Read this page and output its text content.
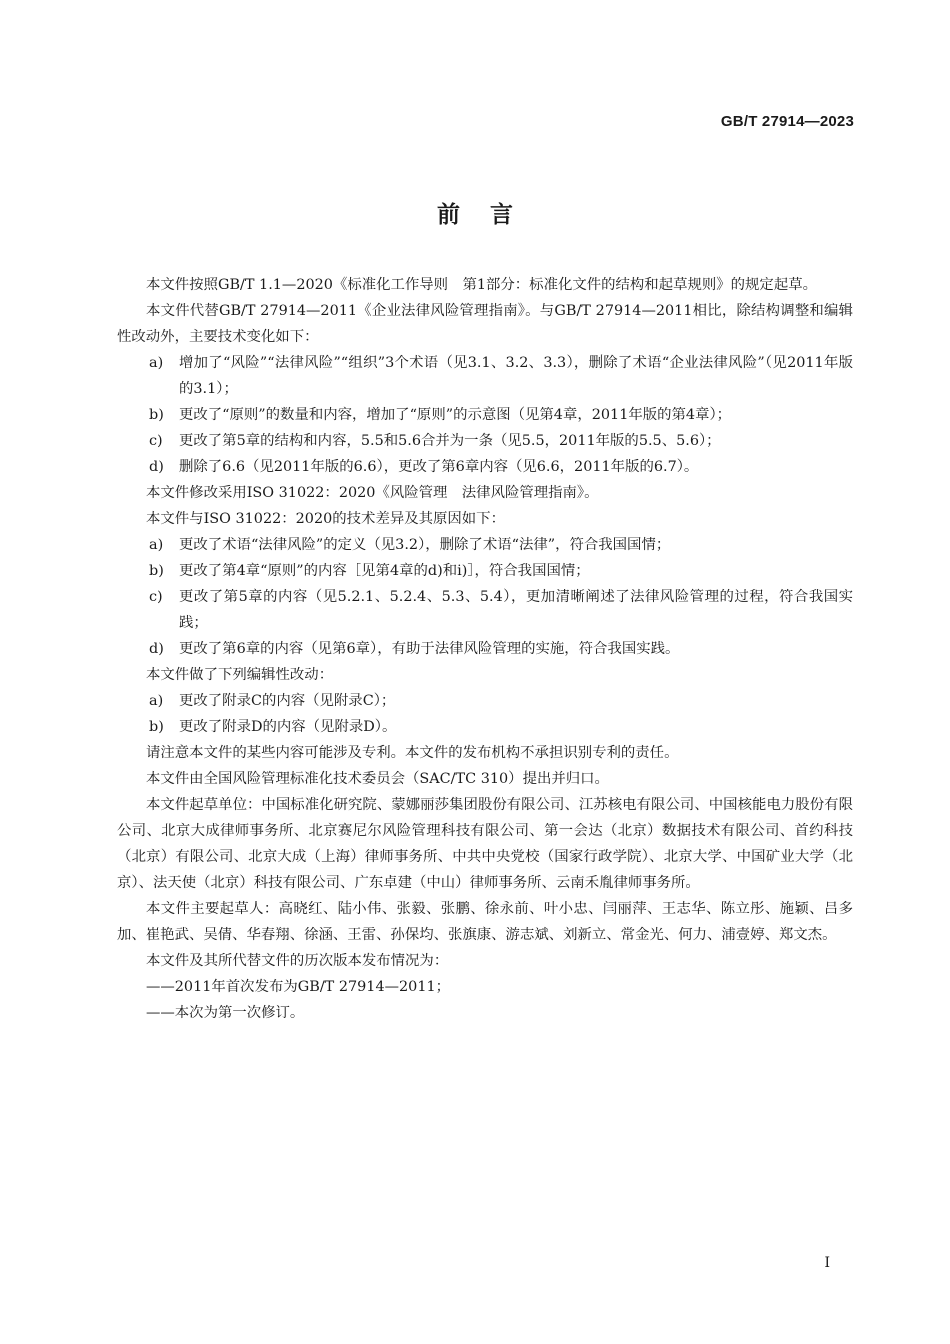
GB/T 27914—2023
前言
本文件按照GB/T 1.1—2020《标准化工作导则　第1部分：标准化文件的结构和起草规则》的规定起草。
本文件代替GB/T 27914—2011《企业法律风险管理指南》。与GB/T 27914—2011相比，除结构调整和编辑性改动外，主要技术变化如下：
a) 增加了“风险”“法律风险”“组织”3个术语（见3.1、3.2、3.3），删除了术语“企业法律风险”（见2011年版的3.1）；
b) 更改了“原则”的数量和内容，增加了“原则”的示意图（见第4章，2011年版的第4章）；
c) 更改了第5章的结构和内容，5.5和5.6合并为一条（见5.5，2011年版的5.5、5.6）；
d) 删除了6.6（见2011年版的6.6），更改了第6章内容（见6.6，2011年版的6.7）。
本文件修改采用ISO 31022：2020《风险管理　法律风险管理指南》。
本文件与ISO 31022：2020的技术差异及其原因如下：
a) 更改了术语“法律风险”的定义（见3.2），删除了术语“法律”，符合我国国情；
b) 更改了第4章“原则”的内容［见第4章的d)和i)］，符合我国国情；
c) 更改了第5章的内容（见5.2.1、5.2.4、5.3、5.4），更加清晰阐述了法律风险管理的过程，符合我国实践；
d) 更改了第6章的内容（见第6章），有助于法律风险管理的实施，符合我国实践。
本文件做了下列编辑性改动：
a) 更改了附录C的内容（见附录C）；
b) 更改了附录D的内容（见附录D）。
请注意本文件的某些内容可能涉及专利。本文件的发布机构不承担识别专利的责任。
本文件由全国风险管理标准化技术委员会（SAC/TC 310）提出并归口。
本文件起草单位：中国标准化研究院、蒙娜丽莎集团股份有限公司、江苏核电有限公司、中国核能电力股份有限公司、北京大成律师事务所、北京赛尼尔风险管理科技有限公司、第一会达（北京）数据技术有限公司、首约科技（北京）有限公司、北京大成（上海）律师事务所、中共中央党校（国家行政学院）、北京大学、中国矿业大学（北京）、法天使（北京）科技有限公司、广东卓建（中山）律师事务所、云南禾胤律师事务所。
本文件主要起草人：高晓红、陆小伟、张毅、张鹏、徐永前、叶小忠、闫丽萍、王志华、陈立彤、施颖、吕多加、崔艳武、吴倩、华春翔、徐涵、王雷、孙保均、张旗康、游志斌、刘新立、常金光、何力、浦壹婷、郑文杰。
本文件及其所代替文件的历次版本发布情况为：
——2011年首次发布为GB/T 27914—2011；
——本次为第一次修订。
I
